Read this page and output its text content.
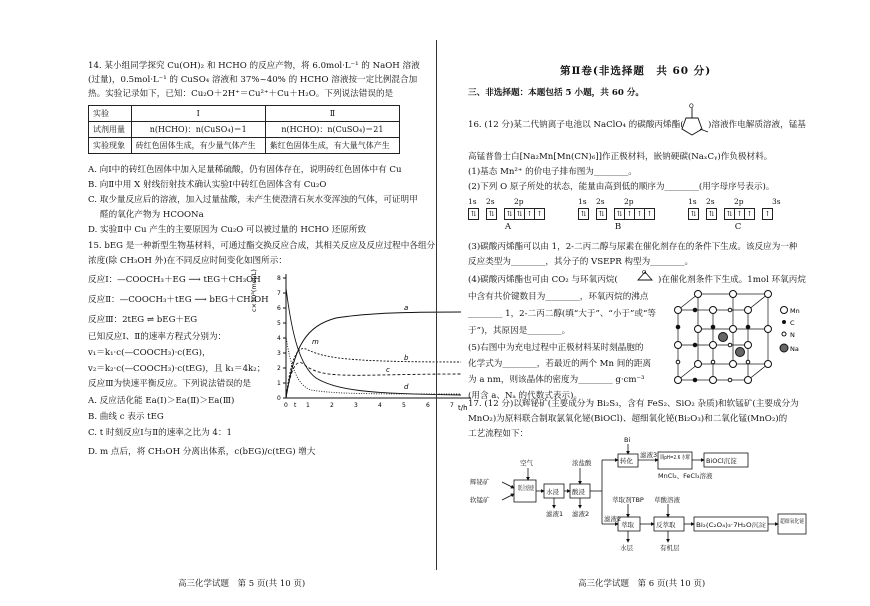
14. 某小组同学探究 Cu(OH)₂ 和 HCHO 的反应产物，将 6.0mol·L⁻¹ 的 NaOH 溶液
(过量)，0.5mol·L⁻¹ 的 CuSO₄ 溶液和 37%~40% 的 HCHO 溶液按一定比例混合加
热。实验记录如下，已知：Cu₂O＋2H⁺＝Cu²⁺＋Cu＋H₂O。下列说法错误的是
实验	Ⅰ	Ⅱ
试剂用量	n(HCHO)：n(CuSO₄)＝1	n(HCHO)：n(CuSO₄)＝21
实验现象	砖红色固体生成，有少量气体产生	紫红色固体生成，有大量气体产生
A. 向Ⅰ中的砖红色固体中加入足量稀硫酸，仍有固体存在，说明砖红色固体中有 Cu
B. 向Ⅱ中用 X 射线衍射技术确认实验Ⅰ中砖红色固体含有 Cu₂O
C. 取少量反应后的溶液，加入过量盐酸，未产生使澄清石灰水变浑浊的气体，可证明甲
醛的氧化产物为 HCOONa
D. 实验Ⅱ中 Cu 产生的主要原因为 Cu₂O 可以被过量的 HCHO 还原所致
15. bEG 是一种新型生物基材料，可通过酯交换反应合成，其相关反应及反应过程中各组分
浓度(除 CH₃OH 外)在不同反应时间变化如图所示：
反应Ⅰ：—COOCH₃＋EG ⟶ tEG＋CH₃OH
反应Ⅱ：—COOCH₃＋tEG ⟶ bEG＋CH₃OH
反应Ⅲ：2tEG ⇌ bEG＋EG
已知反应Ⅰ、Ⅱ的速率方程式分别为：
v₁＝k₁·c(—COOCH₃)·c(EG)，
v₂＝k₂·c(—COOCH₃)·c(tEG)，且 k₁＝4k₂；
反应Ⅲ为快速平衡反应。下列说法错误的是
A. 反应活化能 Ea(Ⅰ)＞Ea(Ⅱ)＞Ea(Ⅲ)
B. 曲线 c 表示 tEG
C. t 时刻反应Ⅰ与Ⅱ的速率之比为 4：1
D. m 点后，将 CH₃OH 分离出体系，c(bEG)/c(tEG) 增大
c×10³(mol/L)
t/h
0
1
2
3
4
5
6
7
8
0 t 1	2	3	4	5	6	7
a
b
c
d
m
高三化学试题　第 5 页(共 10 页)
第Ⅱ卷(非选择题　共 60 分)
三、非选择题：本题包括 5 小题，共 60 分。
16. (12 分)某二代钠离子电池以 NaClO₄ 的碳酸丙烯酯(
O
)溶液作电解质溶液，锰基
高锰普鲁士白[Na₂Mn[Mn(CN)₆]]作正极材料，嵌钠硬碳(NaₓCᵧ)作负极材料。
(1)基态 Mn²⁺ 的价电子排布图为________。
(2)下列 O 原子所处的状态，能量由高到低的顺序为________(用字母序号表示)。
1s 2s	2p
⇅ ⇅ ⇅ ⇅ ↑ ↑
A
1s 2s	2p
⇅ ⇅ ⇅ ↑ ↑ ↑
B
1s 2s	2p	3s
⇅ ⇅ ⇅ ↑ ↑ ↑
C
(3)碳酸丙烯酯可以由 1，2-二丙二醇与尿素在催化剂存在的条件下生成。该反应为一种
反应类型为________，其分子的 VSEPR 构型为________。
(4)碳酸丙烯酯也可由 CO₂ 与环氧丙烷(
O
)在催化剂条件下生成。1mol 环氧丙烷
中含有共价键数目为________，环氧丙烷的沸点
________ 1，2-二丙二醇(填“大于”、“小于”或“等
于”)，其原因是________。
(5)右图中为充电过程中正极材料某时刻晶胞的
化学式为________，若最近的两个 Mn 间的距离
为 a nm，则该晶体的密度为________ g·cm⁻³
(用含 a、Nₐ 的代数式表示)。
Mn
C
N
Na
17. (12 分)以辉铋矿(主要成分为 Bi₂S₃，含有 FeS₂、SiO₂ 杂质)和软锰矿(主要成分为
MnO₂)为原料联合制取氯氧化铋(BiOCl)、超细氧化铋(Bi₂O₃)和二氧化锰(MnO₂)的
工艺流程如下：
辉铋矿
软锰矿
空气
联合焙烧 水浸 酸浸
浓盐酸
Bi
转化	调pH=2.6 水解 BiOCl沉淀
滤液1 滤液2
滤液3
MnCl₂、FeCl₃溶液
萃取剂TBP 草酸溶液
滤液2
萃取	反萃取	Bi₂(C₂O₄)₃·7H₂O沉淀
超细氧化铋
水层	有机层
高三化学试题　第 6 页(共 10 页)
